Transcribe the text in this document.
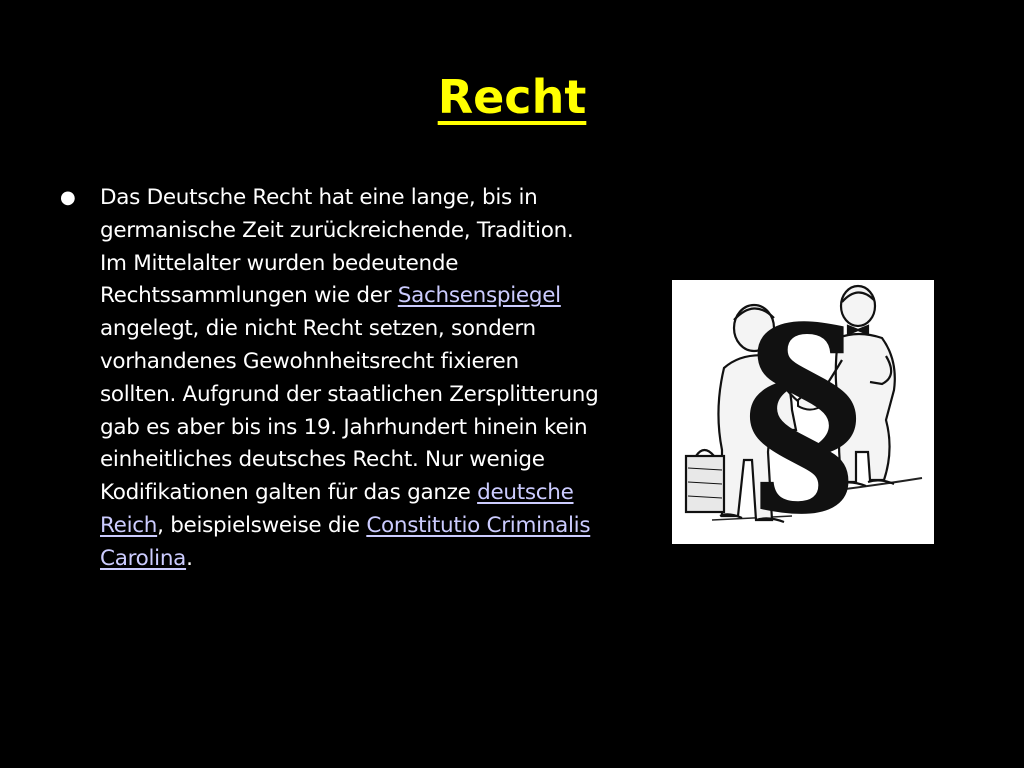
Recht
●	Das Deutsche Recht hat eine lange, bis in germanische Zeit zurückreichende, Tradition. Im Mittelalter wurden bedeutende Rechtssammlungen wie der Sachsenspiegel angelegt, die nicht Recht setzen, sondern vorhandenes Gewohnheitsrecht fixieren sollten. Aufgrund der staatlichen Zersplitterung gab es aber bis ins 19. Jahrhundert hinein kein einheitliches deutsches Recht. Nur wenige Kodifikationen galten für das ganze deutsche Reich, beispielsweise die Constitutio Criminalis Carolina.

§
